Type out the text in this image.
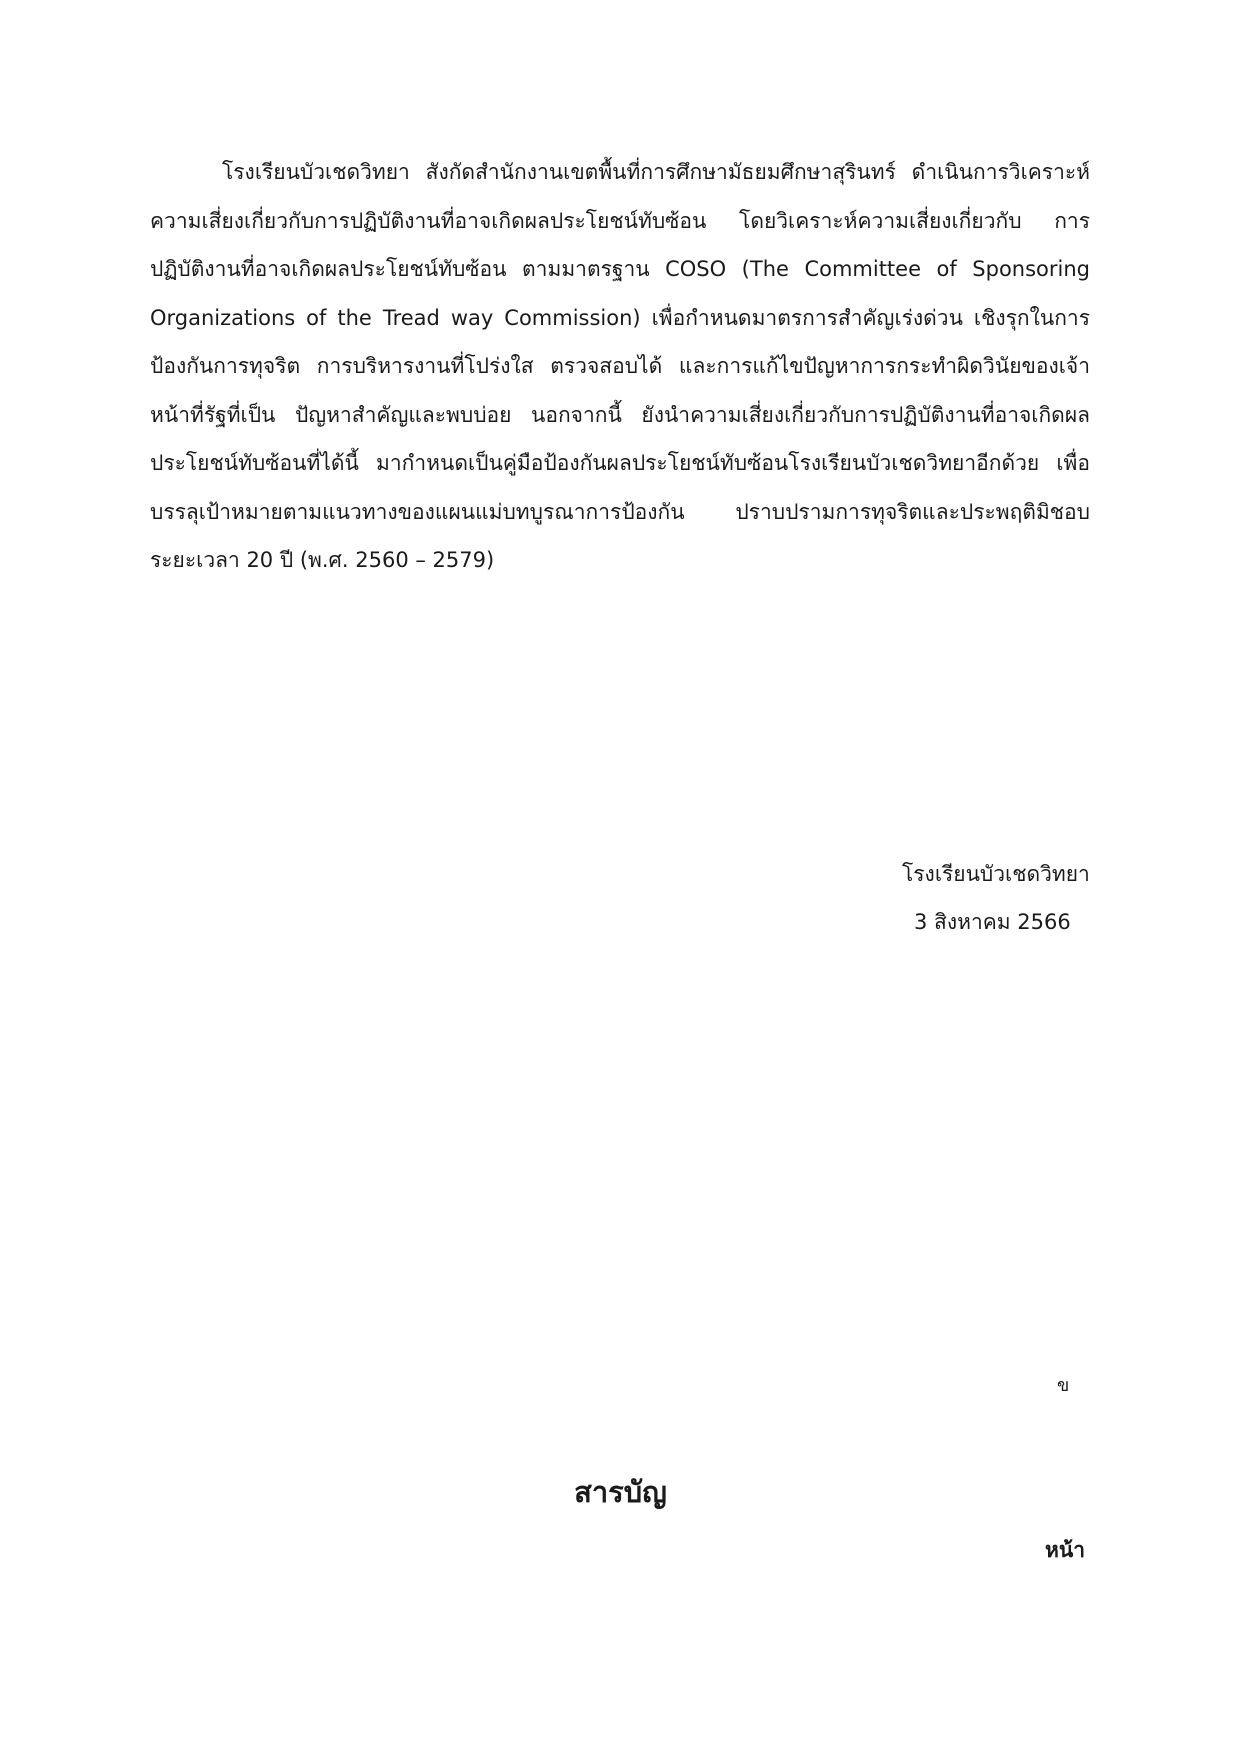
โรงเรียนบัวเชดวิทยา สังกัดสำนักงานเขตพื้นที่การศึกษามัธยมศึกษาสุรินทร์ ดำเนินการวิเคราะห์ความเสี่ยงเกี่ยวกับการปฏิบัติงานที่อาจเกิดผลประโยชน์ทับซ้อน โดยวิเคราะห์ความเสี่ยงเกี่ยวกับ การปฏิบัติงานที่อาจเกิดผลประโยชน์ทับซ้อน ตามมาตรฐาน COSO (The Committee of Sponsoring Organizations of the Tread way Commission) เพื่อกำหนดมาตรการสำคัญเร่งด่วน เชิงรุกในการป้องกันการทุจริต การบริหารงานที่โปร่งใส ตรวจสอบได้ และการแก้ไขปัญหาการกระทำผิดวินัยของเจ้าหน้าที่รัฐที่เป็น ปัญหาสำคัญและพบบ่อย นอกจากนี้ ยังนำความเสี่ยงเกี่ยวกับการปฏิบัติงานที่อาจเกิดผลประโยชน์ทับซ้อนที่ได้นี้ มากำหนดเป็นคู่มือป้องกันผลประโยชน์ทับซ้อนโรงเรียนบัวเชดวิทยาอีกด้วย เพื่อบรรลุเป้าหมายตามแนวทางของแผนแม่บทบูรณาการป้องกัน ปราบปรามการทุจริตและประพฤติมิชอบ ระยะเวลา 20 ปี (พ.ศ. 2560 – 2579)
โรงเรียนบัวเชดวิทยา
3 สิงหาคม 2566
ข
สารบัญ
หน้า
